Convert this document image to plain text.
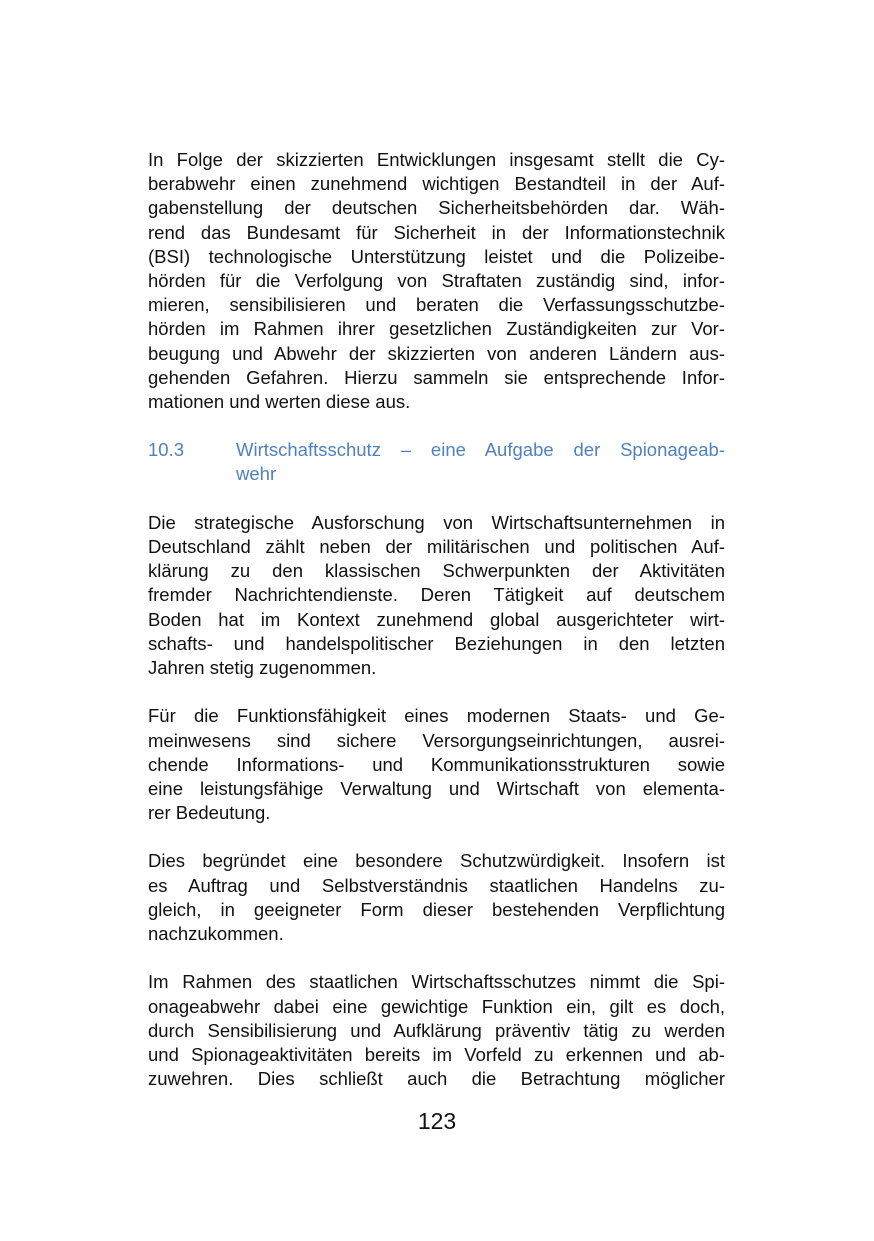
In Folge der skizzierten Entwicklungen insgesamt stellt die Cy-
berabwehr einen zunehmend wichtigen Bestandteil in der Auf-
gabenstellung der deutschen Sicherheitsbehörden dar. Wäh-
rend das Bundesamt für Sicherheit in der Informationstechnik
(BSI) technologische Unterstützung leistet und die Polizeibe-
hörden für die Verfolgung von Straftaten zuständig sind, infor-
mieren, sensibilisieren und beraten die Verfassungsschutzbe-
hörden im Rahmen ihrer gesetzlichen Zuständigkeiten zur Vor-
beugung und Abwehr der skizzierten von anderen Ländern aus-
gehenden Gefahren. Hierzu sammeln sie entsprechende Infor-
mationen und werten diese aus.
10.3	Wirtschaftsschutz – eine Aufgabe der Spionageab-
wehr
Die strategische Ausforschung von Wirtschaftsunternehmen in
Deutschland zählt neben der militärischen und politischen Auf-
klärung zu den klassischen Schwerpunkten der Aktivitäten
fremder Nachrichtendienste. Deren Tätigkeit auf deutschem
Boden hat im Kontext zunehmend global ausgerichteter wirt-
schafts- und handelspolitischer Beziehungen in den letzten
Jahren stetig zugenommen.
Für die Funktionsfähigkeit eines modernen Staats- und Ge-
meinwesens sind sichere Versorgungseinrichtungen, ausrei-
chende Informations- und Kommunikationsstrukturen sowie
eine leistungsfähige Verwaltung und Wirtschaft von elementa-
rer Bedeutung.
Dies begründet eine besondere Schutzwürdigkeit. Insofern ist
es Auftrag und Selbstverständnis staatlichen Handelns zu-
gleich, in geeigneter Form dieser bestehenden Verpflichtung
nachzukommen.
Im Rahmen des staatlichen Wirtschaftsschutzes nimmt die Spi-
onageabwehr dabei eine gewichtige Funktion ein, gilt es doch,
durch Sensibilisierung und Aufklärung präventiv tätig zu werden
und Spionageaktivitäten bereits im Vorfeld zu erkennen und ab-
zuwehren. Dies schließt auch die Betrachtung möglicher
123
